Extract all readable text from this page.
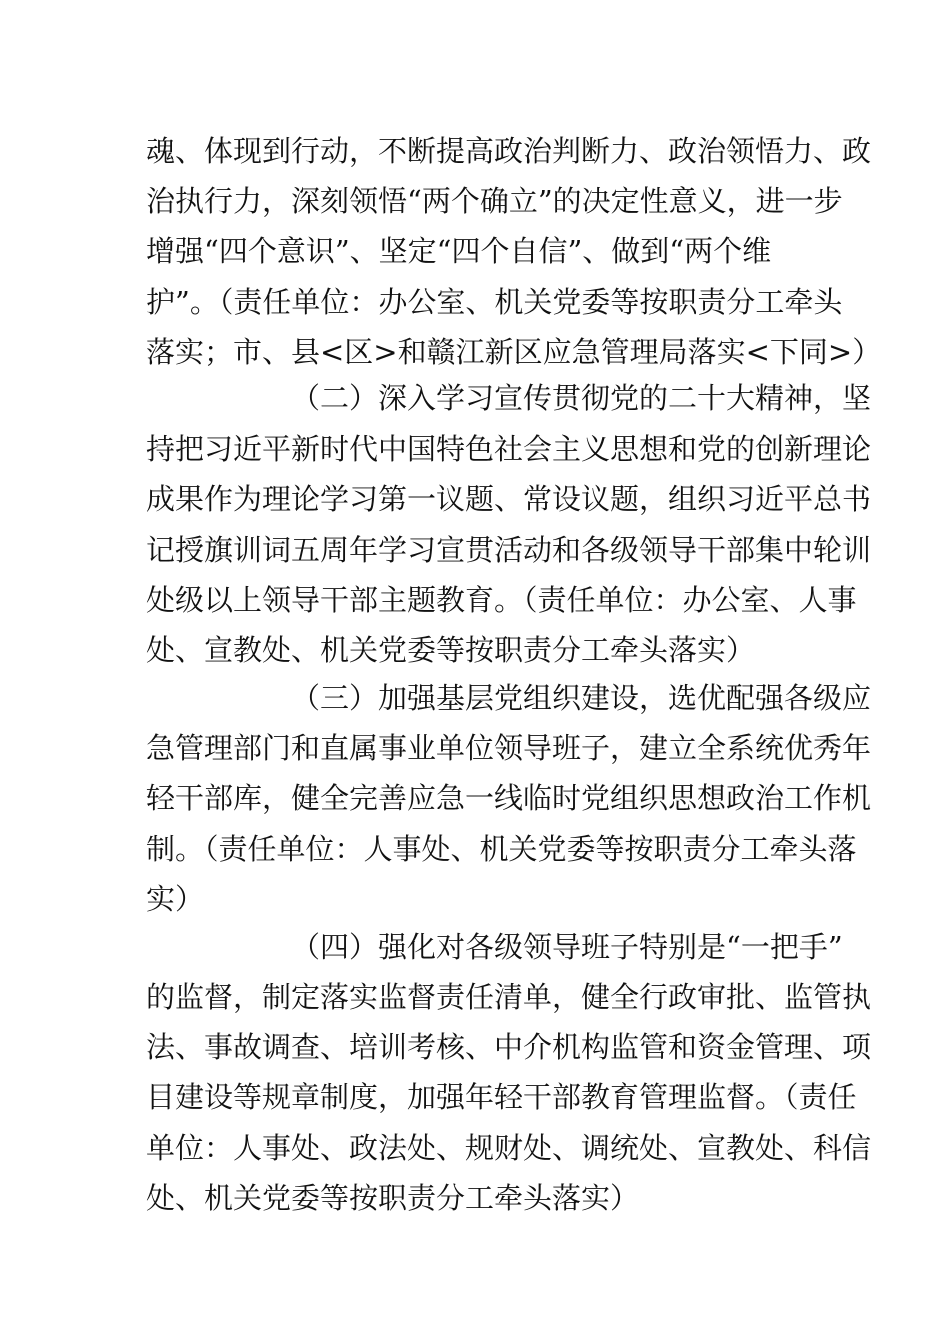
魂、体现到行动，不断提高政治判断力、政治领悟力、政
治执行力，深刻领悟“两个确立”的决定性意义，进一步
增强“四个意识”、坚定“四个自信”、做到“两个维
护”。（责任单位：办公室、机关党委等按职责分工牵头
落实；市、县<区>和赣江新区应急管理局落实<下同>）
（二）深入学习宣传贯彻党的二十大精神，坚
持把习近平新时代中国特色社会主义思想和党的创新理论
成果作为理论学习第一议题、常设议题，组织习近平总书
记授旗训词五周年学习宣贯活动和各级领导干部集中轮训
处级以上领导干部主题教育。（责任单位：办公室、人事
处、宣教处、机关党委等按职责分工牵头落实）
（三）加强基层党组织建设，选优配强各级应
急管理部门和直属事业单位领导班子，建立全系统优秀年
轻干部库，健全完善应急一线临时党组织思想政治工作机
制。（责任单位：人事处、机关党委等按职责分工牵头落
实）
（四）强化对各级领导班子特别是“一把手”
的监督，制定落实监督责任清单，健全行政审批、监管执
法、事故调查、培训考核、中介机构监管和资金管理、项
目建设等规章制度，加强年轻干部教育管理监督。（责任
单位：人事处、政法处、规财处、调统处、宣教处、科信
处、机关党委等按职责分工牵头落实）
